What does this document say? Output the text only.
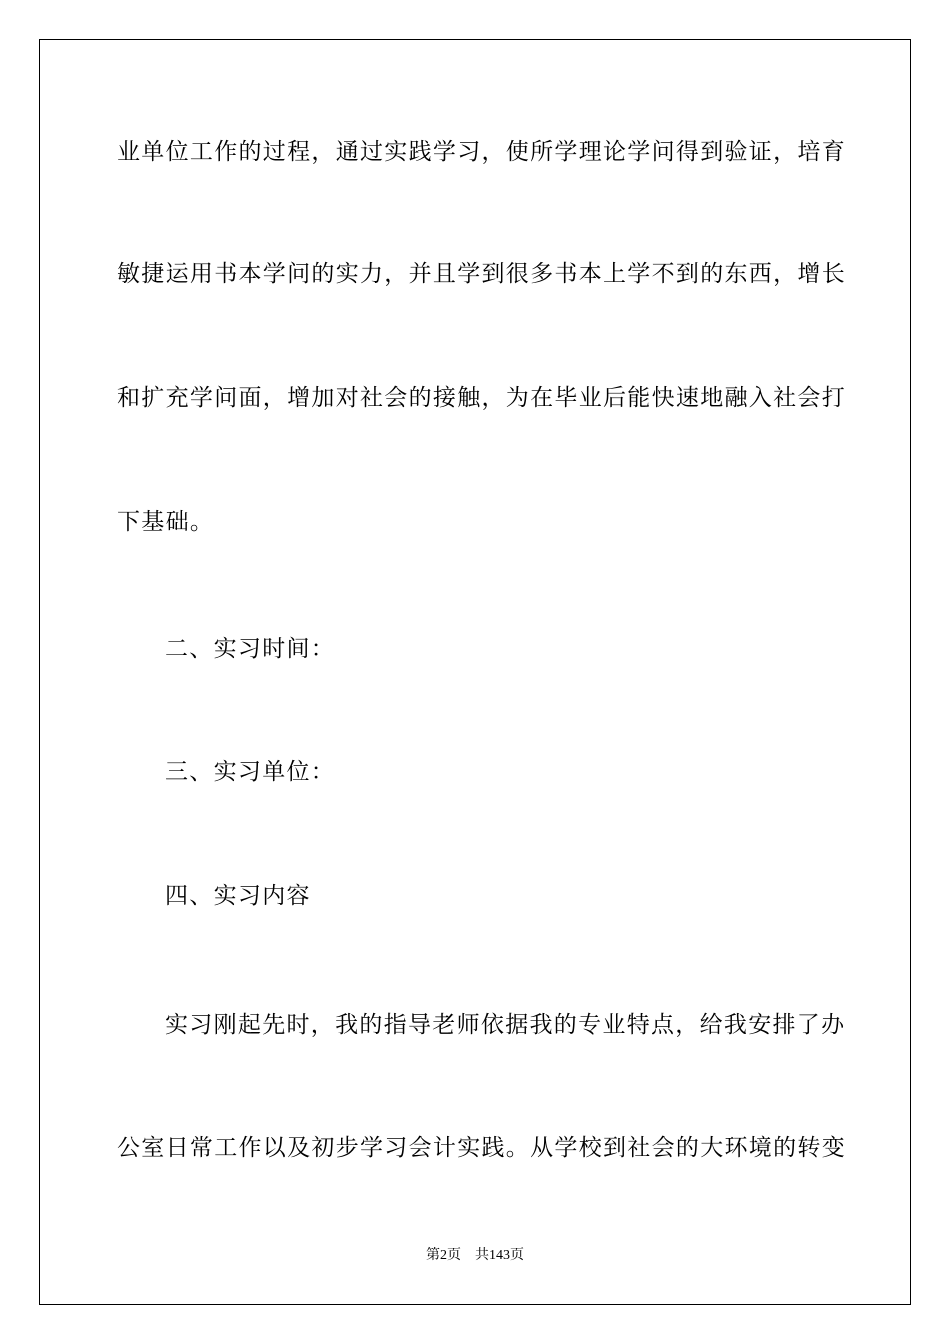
业单位工作的过程，通过实践学习，使所学理论学问得到验证，培育
敏捷运用书本学问的实力，并且学到很多书本上学不到的东西，增长
和扩充学问面，增加对社会的接触，为在毕业后能快速地融入社会打
下基础。
二、实习时间：
三、实习单位：
四、实习内容
实习刚起先时，我的指导老师依据我的专业特点，给我安排了办
公室日常工作以及初步学习会计实践。从学校到社会的大环境的转变
第2页 共143页
